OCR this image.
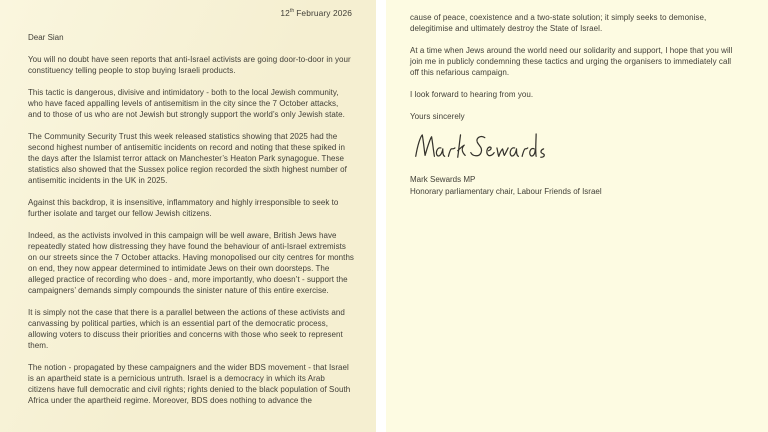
12th February 2026

Dear Sian

You will no doubt have seen reports that anti-Israel activists are going door-to-door in your constituency telling people to stop buying Israeli products.

This tactic is dangerous, divisive and intimidatory - both to the local Jewish community, who have faced appalling levels of antisemitism in the city since the 7 October attacks, and to those of us who are not Jewish but strongly support the world’s only Jewish state.

The Community Security Trust this week released statistics showing that 2025 had the second highest number of antisemitic incidents on record and noting that these spiked in the days after the Islamist terror attack on Manchester’s Heaton Park synagogue. These statistics also showed that the Sussex police region recorded the sixth highest number of antisemitic incidents in the UK in 2025.

Against this backdrop, it is insensitive, inflammatory and highly irresponsible to seek to further isolate and target our fellow Jewish citizens.

Indeed, as the activists involved in this campaign will be well aware, British Jews have repeatedly stated how distressing they have found the behaviour of anti-Israel extremists on our streets since the 7 October attacks. Having monopolised our city centres for months on end, they now appear determined to intimidate Jews on their own doorsteps. The alleged practice of recording who does - and, more importantly, who doesn’t - support the campaigners’ demands simply compounds the sinister nature of this entire exercise.

It is simply not the case that there is a parallel between the actions of these activists and canvassing by political parties, which is an essential part of the democratic process, allowing voters to discuss their priorities and concerns with those who seek to represent them.

The notion - propagated by these campaigners and the wider BDS movement - that Israel is an apartheid state is a pernicious untruth. Israel is a democracy in which its Arab citizens have full democratic and civil rights; rights denied to the black population of South Africa under the apartheid regime. Moreover, BDS does nothing to advance the

cause of peace, coexistence and a two-state solution; it simply seeks to demonise, delegitimise and ultimately destroy the State of Israel.

At a time when Jews around the world need our solidarity and support, I hope that you will join me in publicly condemning these tactics and urging the organisers to immediately call off this nefarious campaign.

I look forward to hearing from you.

Yours sincerely

Mark Sewards MP

Honorary parliamentary chair, Labour Friends of Israel
